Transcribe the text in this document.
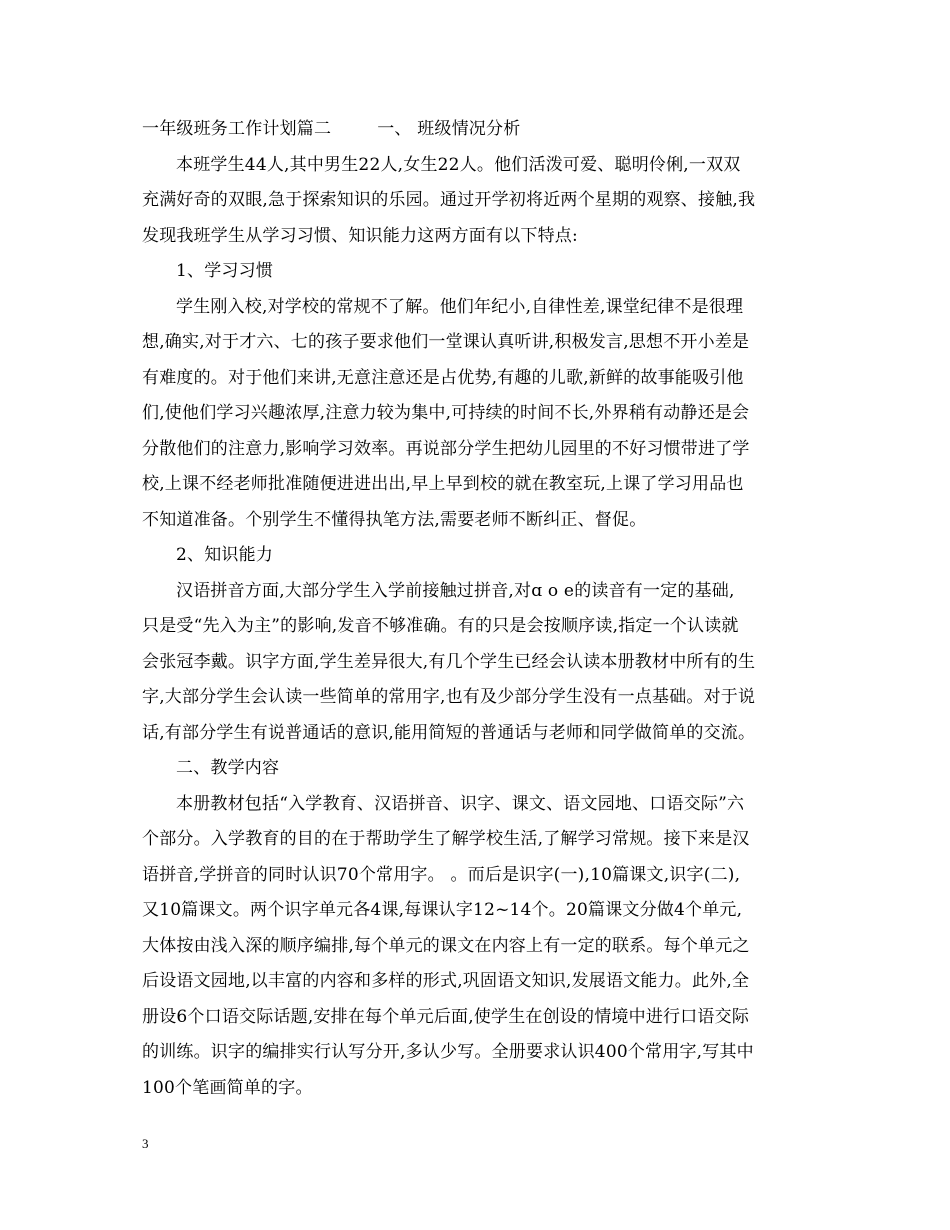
一年级班务工作计划篇二	一、 班级情况分析
本班学生44人,其中男生22人,女生22人。他们活泼可爱、聪明伶俐,一双双
充满好奇的双眼,急于探索知识的乐园。通过开学初将近两个星期的观察、接触,我
发现我班学生从学习习惯、知识能力这两方面有以下特点:
1、学习习惯
学生刚入校,对学校的常规不了解。他们年纪小,自律性差,课堂纪律不是很理
想,确实,对于才六、七的孩子要求他们一堂课认真听讲,积极发言,思想不开小差是
有难度的。对于他们来讲,无意注意还是占优势,有趣的儿歌,新鲜的故事能吸引他
们,使他们学习兴趣浓厚,注意力较为集中,可持续的时间不长,外界稍有动静还是会
分散他们的注意力,影响学习效率。再说部分学生把幼儿园里的不好习惯带进了学
校,上课不经老师批准随便进进出出,早上早到校的就在教室玩,上课了学习用品也
不知道准备。个别学生不懂得执笔方法,需要老师不断纠正、督促。
2、知识能力
汉语拼音方面,大部分学生入学前接触过拼音,对ɑ o e的读音有一定的基础,
只是受“先入为主”的影响,发音不够准确。有的只是会按顺序读,指定一个认读就
会张冠李戴。识字方面,学生差异很大,有几个学生已经会认读本册教材中所有的生
字,大部分学生会认读一些简单的常用字,也有及少部分学生没有一点基础。对于说
话,有部分学生有说普通话的意识,能用简短的普通话与老师和同学做简单的交流。
二、教学内容
本册教材包括“入学教育、汉语拼音、识字、课文、语文园地、口语交际”六
个部分。入学教育的目的在于帮助学生了解学校生活,了解学习常规。接下来是汉
语拼音,学拼音的同时认识70个常用字。 。而后是识字(一),10篇课文,识字(二),
又10篇课文。两个识字单元各4课,每课认字12~14个。20篇课文分做4个单元,
大体按由浅入深的顺序编排,每个单元的课文在内容上有一定的联系。每个单元之
后设语文园地,以丰富的内容和多样的形式,巩固语文知识,发展语文能力。此外,全
册设6个口语交际话题,安排在每个单元后面,使学生在创设的情境中进行口语交际
的训练。识字的编排实行认写分开,多认少写。全册要求认识400个常用字,写其中
100个笔画简单的字。
3
